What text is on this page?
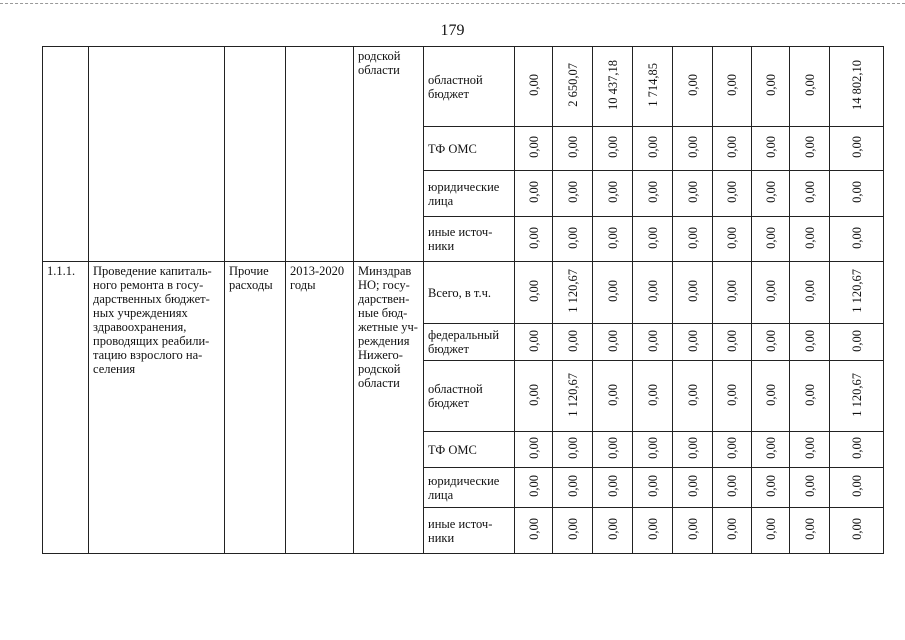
179
				родской области	областной бюджет	0,00	2 650,07	10 437,18	1 714,85	0,00	0,00	0,00	0,00	14 802,10
					ТФ ОМС	0,00	0,00	0,00	0,00	0,00	0,00	0,00	0,00	0,00
					юридические лица	0,00	0,00	0,00	0,00	0,00	0,00	0,00	0,00	0,00
					иные источ-ники	0,00	0,00	0,00	0,00	0,00	0,00	0,00	0,00	0,00
1.1.1.	Проведение капиталь-ного ремонта в госу-дарственных бюджет-ных учреждениях здравоохранения, проводящих реабили-тацию взрослого на-селения	Прочие расходы	2013-2020 годы	Минздрав НО; госу-дарствен-ные бюд-жетные уч-реждения Нижего-родской области	Всего, в т.ч.	0,00	1 120,67	0,00	0,00	0,00	0,00	0,00	0,00	1 120,67
					федеральный бюджет	0,00	0,00	0,00	0,00	0,00	0,00	0,00	0,00	0,00
					областной бюджет	0,00	1 120,67	0,00	0,00	0,00	0,00	0,00	0,00	1 120,67
					ТФ ОМС	0,00	0,00	0,00	0,00	0,00	0,00	0,00	0,00	0,00
					юридические лица	0,00	0,00	0,00	0,00	0,00	0,00	0,00	0,00	0,00
					иные источ-ники	0,00	0,00	0,00	0,00	0,00	0,00	0,00	0,00	0,00
